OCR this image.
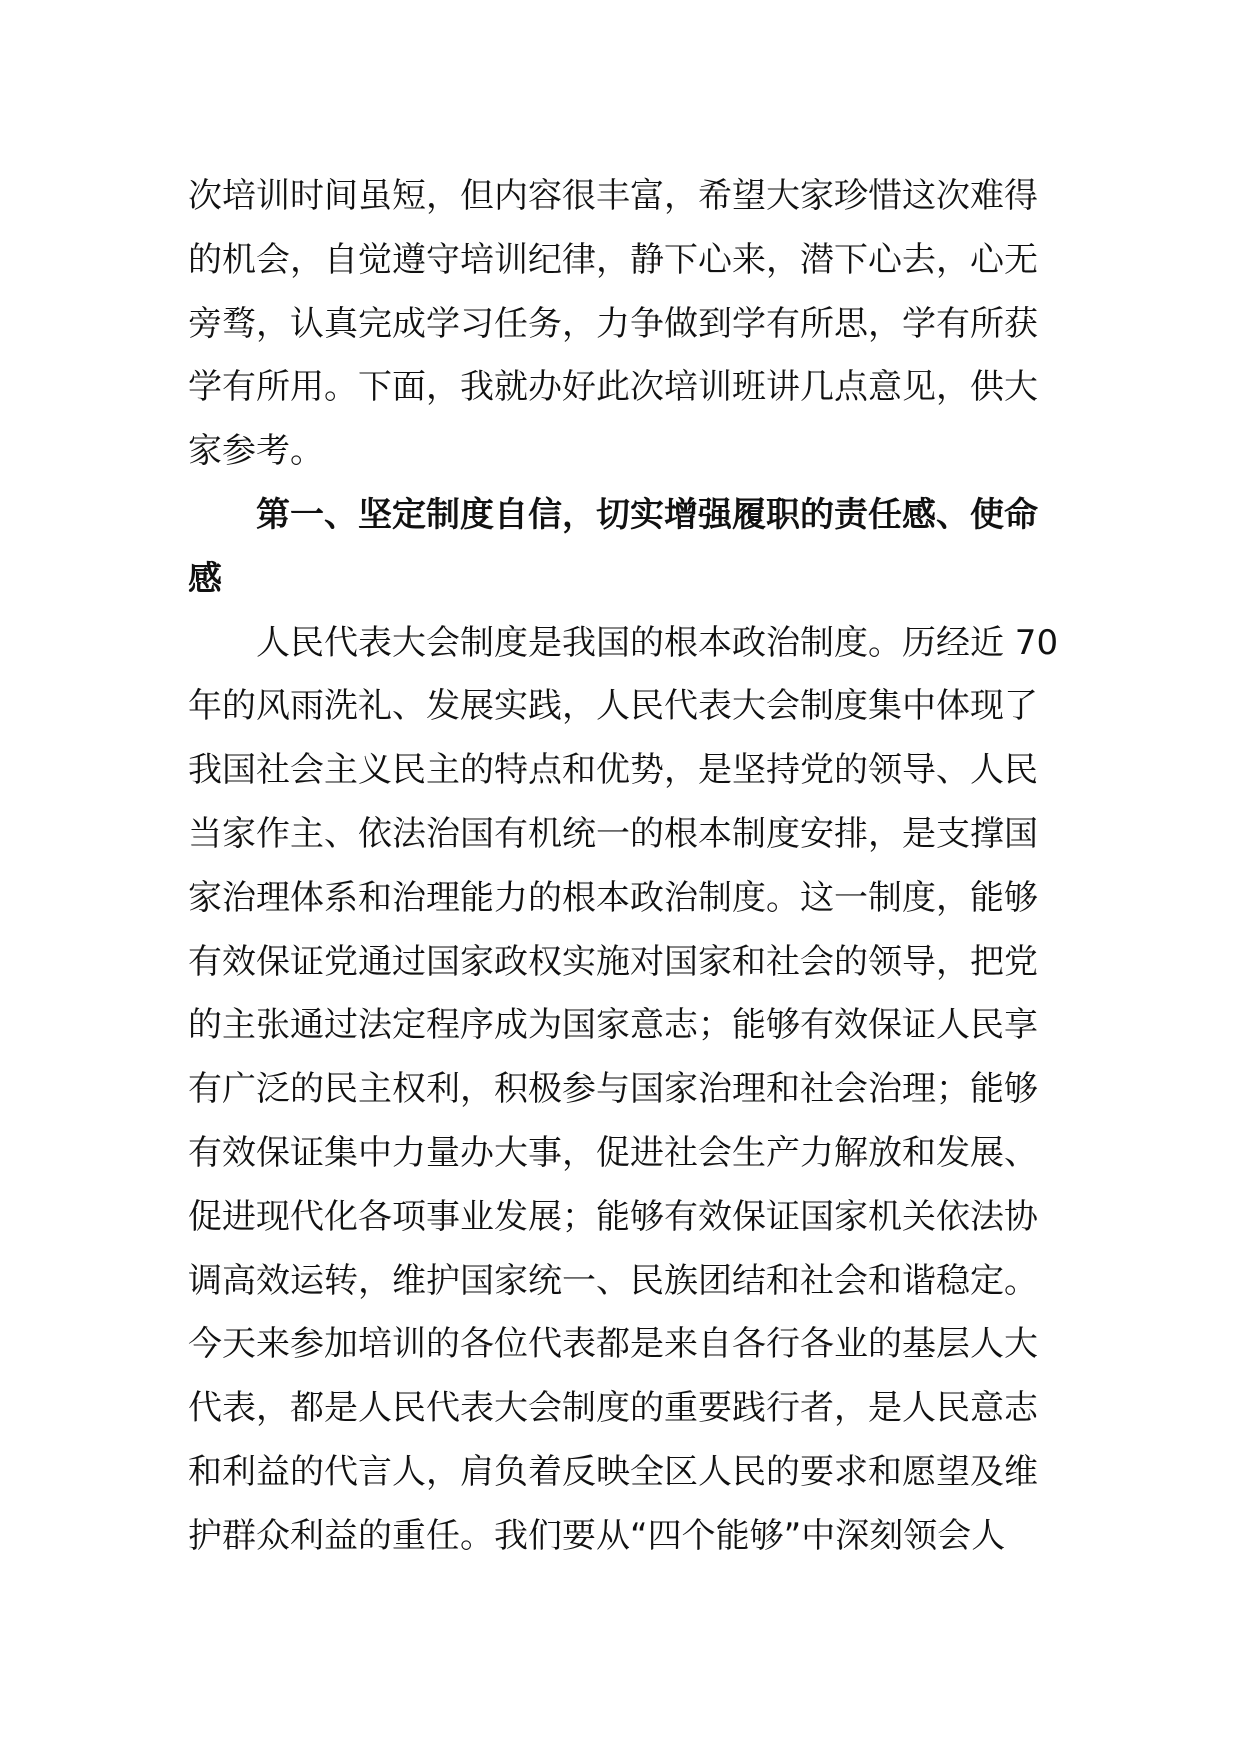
次培训时间虽短，但内容很丰富，希望大家珍惜这次难得
的机会，自觉遵守培训纪律，静下心来，潜下心去，心无
旁骛，认真完成学习任务，力争做到学有所思，学有所获
学有所用。下面，我就办好此次培训班讲几点意见，供大
家参考。
第一、坚定制度自信，切实增强履职的责任感、使命
感
人民代表大会制度是我国的根本政治制度。历经近 70
年的风雨洗礼、发展实践，人民代表大会制度集中体现了
我国社会主义民主的特点和优势，是坚持党的领导、人民
当家作主、依法治国有机统一的根本制度安排，是支撑国
家治理体系和治理能力的根本政治制度。这一制度，能够
有效保证党通过国家政权实施对国家和社会的领导，把党
的主张通过法定程序成为国家意志；能够有效保证人民享
有广泛的民主权利，积极参与国家治理和社会治理；能够
有效保证集中力量办大事，促进社会生产力解放和发展、
促进现代化各项事业发展；能够有效保证国家机关依法协
调高效运转，维护国家统一、民族团结和社会和谐稳定。
今天来参加培训的各位代表都是来自各行各业的基层人大
代表，都是人民代表大会制度的重要践行者，是人民意志
和利益的代言人，肩负着反映全区人民的要求和愿望及维
护群众利益的重任。我们要从“四个能够”中深刻领会人
